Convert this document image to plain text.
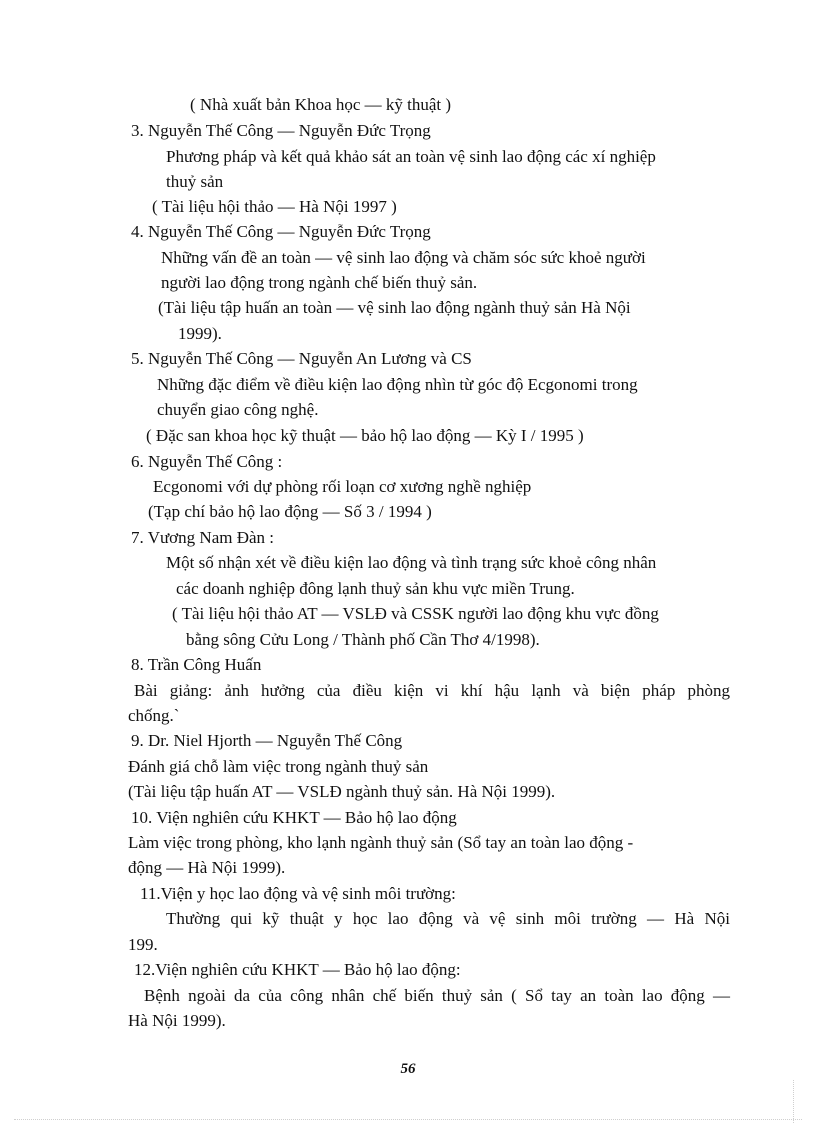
( Nhà xuất bản Khoa học — kỹ thuật )
3. Nguyễn Thế Công — Nguyễn Đức Trọng
Phương pháp và kết quả khảo sát an toàn vệ sinh lao động các xí nghiệp
thuỷ sản
( Tài liệu hội thảo — Hà Nội 1997 )
4. Nguyễn Thế Công — Nguyễn Đức Trọng
Những vấn đề an toàn — vệ sinh lao động và chăm sóc sức khoẻ người
người lao động trong ngành chế biến thuỷ sản.
(Tài liệu tập huấn an toàn — vệ sinh lao động ngành thuỷ sản Hà Nội
1999).
5. Nguyễn Thế Công — Nguyễn An Lương và CS
Những đặc điểm về điều kiện lao động nhìn từ góc độ Ecgonomi trong
chuyển giao công nghệ.
( Đặc san khoa học kỹ thuật — bảo hộ lao động — Kỳ I / 1995 )
6. Nguyễn Thế Công :
Ecgonomi với dự phòng rối loạn cơ xương nghề nghiệp
(Tạp chí bảo hộ lao động — Số 3 / 1994 )
7. Vương Nam Đàn :
Một số nhận xét về điều kiện lao động và tình trạng sức khoẻ công nhân
các doanh nghiệp đông lạnh thuỷ sản khu vực miền Trung.
( Tài liệu hội thảo AT — VSLĐ và CSSK người lao động khu vực đồng
bằng sông Cửu Long / Thành phố Cần Thơ 4/1998).
8. Trần Công Huấn
Bài giảng: ảnh hưởng của điều kiện vi khí hậu lạnh và biện pháp phòng
chống.`
9. Dr. Niel Hjorth — Nguyễn Thế Công
Đánh giá chỗ làm việc trong ngành thuỷ sản
(Tài liệu tập huấn AT — VSLĐ ngành thuỷ sản. Hà Nội 1999).
10. Viện nghiên cứu KHKT — Bảo hộ lao động
Làm việc trong phòng, kho lạnh ngành thuỷ sản (Sổ tay an toàn lao động -
động — Hà Nội 1999).
11.Viện y học lao động và vệ sinh môi trường:
Thường qui kỹ thuật y học lao động và vệ sinh môi trường — Hà Nội
199.
12.Viện nghiên cứu KHKT — Bảo hộ lao động:
Bệnh ngoài da của công nhân chế biến thuỷ sản ( Sổ tay an toàn lao động —
Hà Nội 1999).
56
